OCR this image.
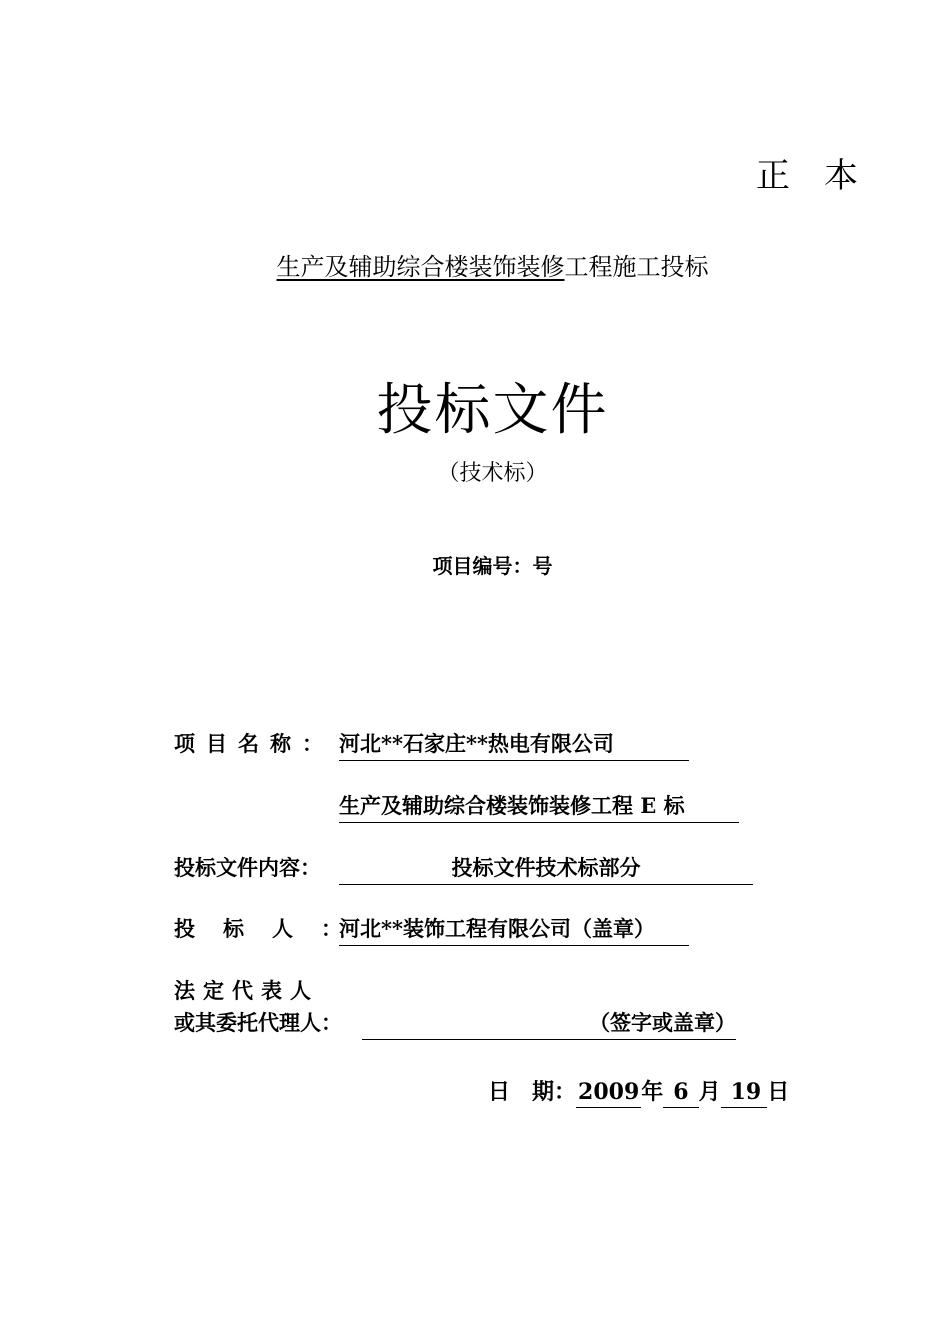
正本
生产及辅助综合楼装饰装修工程施工投标
投标文件
（技术标）
项目编号：号
项目名称： 河北**石家庄**热电有限公司
生产及辅助综合楼装饰装修工程 E 标
投标文件内容：	投标文件技术标部分
投标人：
河北**装饰工程有限公司（盖章）
法定代表人
或其委托代理人：	（签字或盖章）
日　期：2009年 6 月 19 日
